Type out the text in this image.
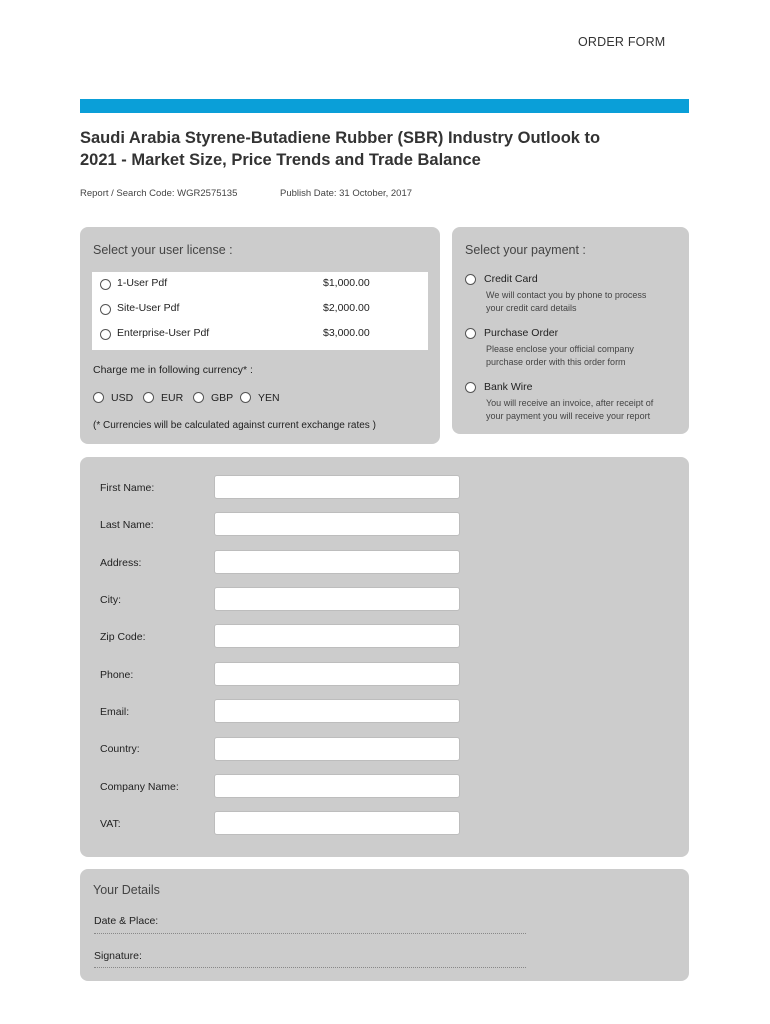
ORDER FORM
Saudi Arabia Styrene-Butadiene Rubber (SBR) Industry Outlook to
2021 - Market Size, Price Trends and Trade Balance
Report / Search Code: WGR2575135	Publish Date: 31 October, 2017
Select your user license :
1-User Pdf	$1,000.00
Site-User Pdf	$2,000.00
Enterprise-User Pdf	$3,000.00
Charge me in following currency* :
USD	EUR	GBP YEN
(* Currencies will be calculated against current exchange rates )
Select your payment :
Credit Card
We will contact you by phone to process
your credit card details
Purchase Order
Please enclose your official company
purchase order with this order form
Bank Wire
You will receive an invoice, after receipt of
your payment you will receive your report
First Name:
Last Name:
Address:
City:
Zip Code:
Phone:
Email:
Country:
Company Name:
VAT:
Your Details
Date & Place:
Signature:
